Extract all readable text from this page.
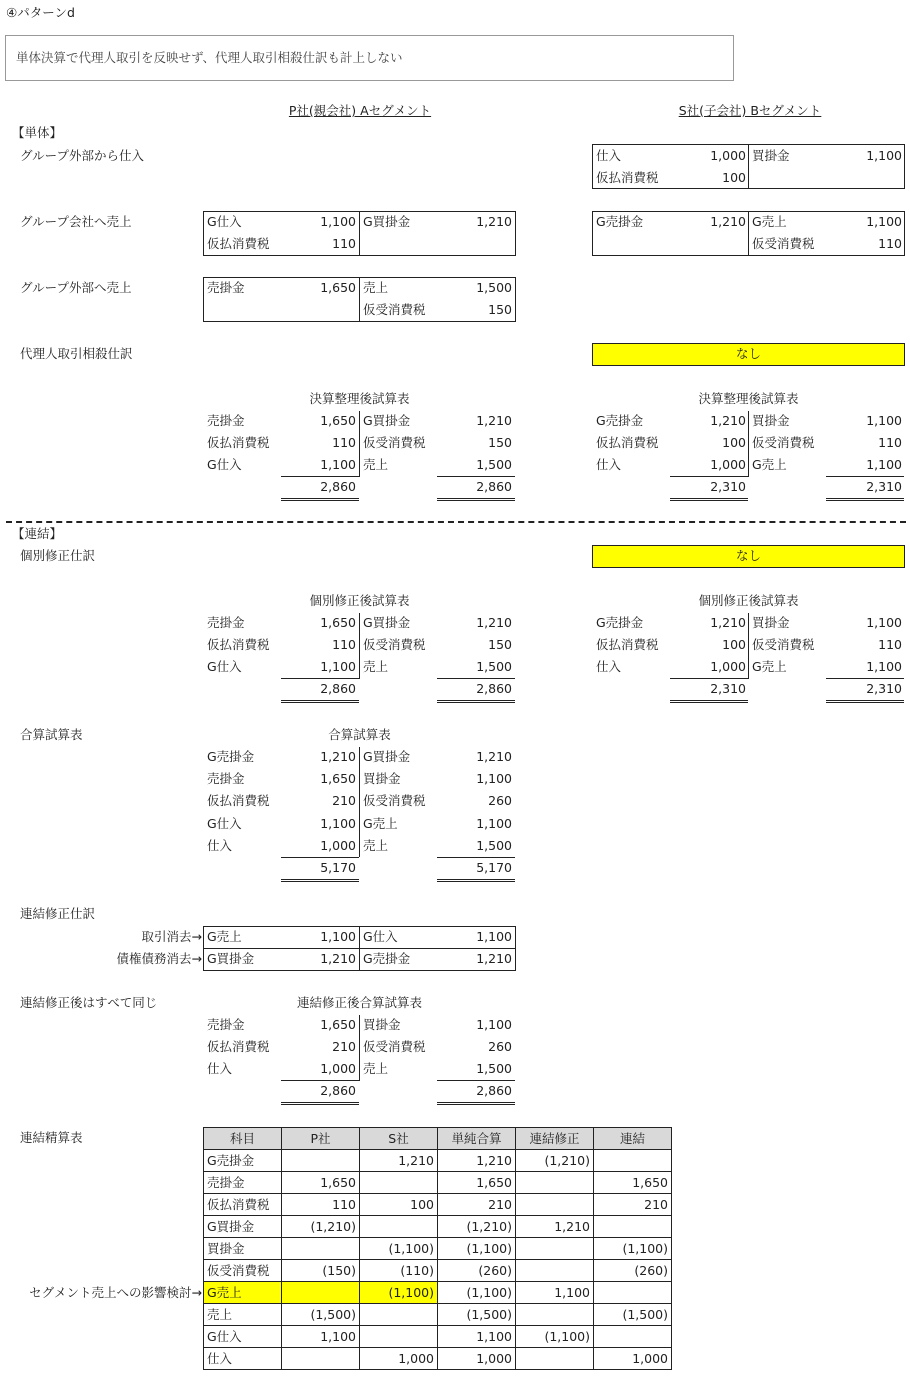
④パターンd
単体決算で代理人取引を反映せず、代理人取引相殺仕訳も計上しない
P社(親会社) Aセグメント	S社(子会社) Bセグメント
【単体】
グループ外部から仕入
グループ会社へ売上
グループ外部へ売上
代理人取引相殺仕訳
仕入	1,000 買掛金	1,100
仮払消費税	100
G仕入	1,100 G買掛金	1,210
仮払消費税	110
G売掛金	1,210 G売上	1,100
仮受消費税	110
売掛金	1,650 売上	1,500
仮受消費税	150
なし
決算整理後試算表
売掛金	1,650 G買掛金	1,210
仮払消費税	110 仮受消費税	150
G仕入	1,100 売上	1,500
2,860	2,860
決算整理後試算表
G売掛金	1,210 買掛金	1,100
仮払消費税	100 仮受消費税	110
仕入	1,000 G売上	1,100
2,310	2,310
【連結】
個別修正仕訳	なし
個別修正後試算表
売掛金	1,650 G買掛金	1,210
仮払消費税	110 仮受消費税	150
G仕入	1,100 売上	1,500
2,860	2,860
個別修正後試算表
G売掛金	1,210 買掛金	1,100
仮払消費税	100 仮受消費税	110
仕入	1,000 G売上	1,100
2,310	2,310
合算試算表	合算試算表
G売掛金	1,210 G買掛金	1,210
売掛金	1,650 買掛金	1,100
仮払消費税	210 仮受消費税	260
G仕入	1,100 G売上	1,100
仕入	1,000 売上	1,500
5,170	5,170
連結修正仕訳
取引消去→
債権債務消去→
G売上	1,100 G仕入	1,100
G買掛金	1,210 G売掛金	1,210
連結修正後はすべて同じ	連結修正後合算試算表
売掛金	1,650 買掛金	1,100
仮払消費税	210 仮受消費税	260
仕入	1,000 売上	1,500
2,860	2,860
連結精算表
セグメント売上への影響検討→
科目	P社	S社	単純合算	連結修正	連結
G売掛金		1,210	1,210	(1,210)	
売掛金	1,650		1,650		1,650
仮払消費税	110	100	210		210
G買掛金	(1,210)		(1,210)	1,210	
買掛金		(1,100)	(1,100)		(1,100)
仮受消費税	(150)	(110)	(260)		(260)
G売上		(1,100)	(1,100)	1,100	
売上	(1,500)		(1,500)		(1,500)
G仕入	1,100		1,100	(1,100)	
仕入		1,000	1,000		1,000
